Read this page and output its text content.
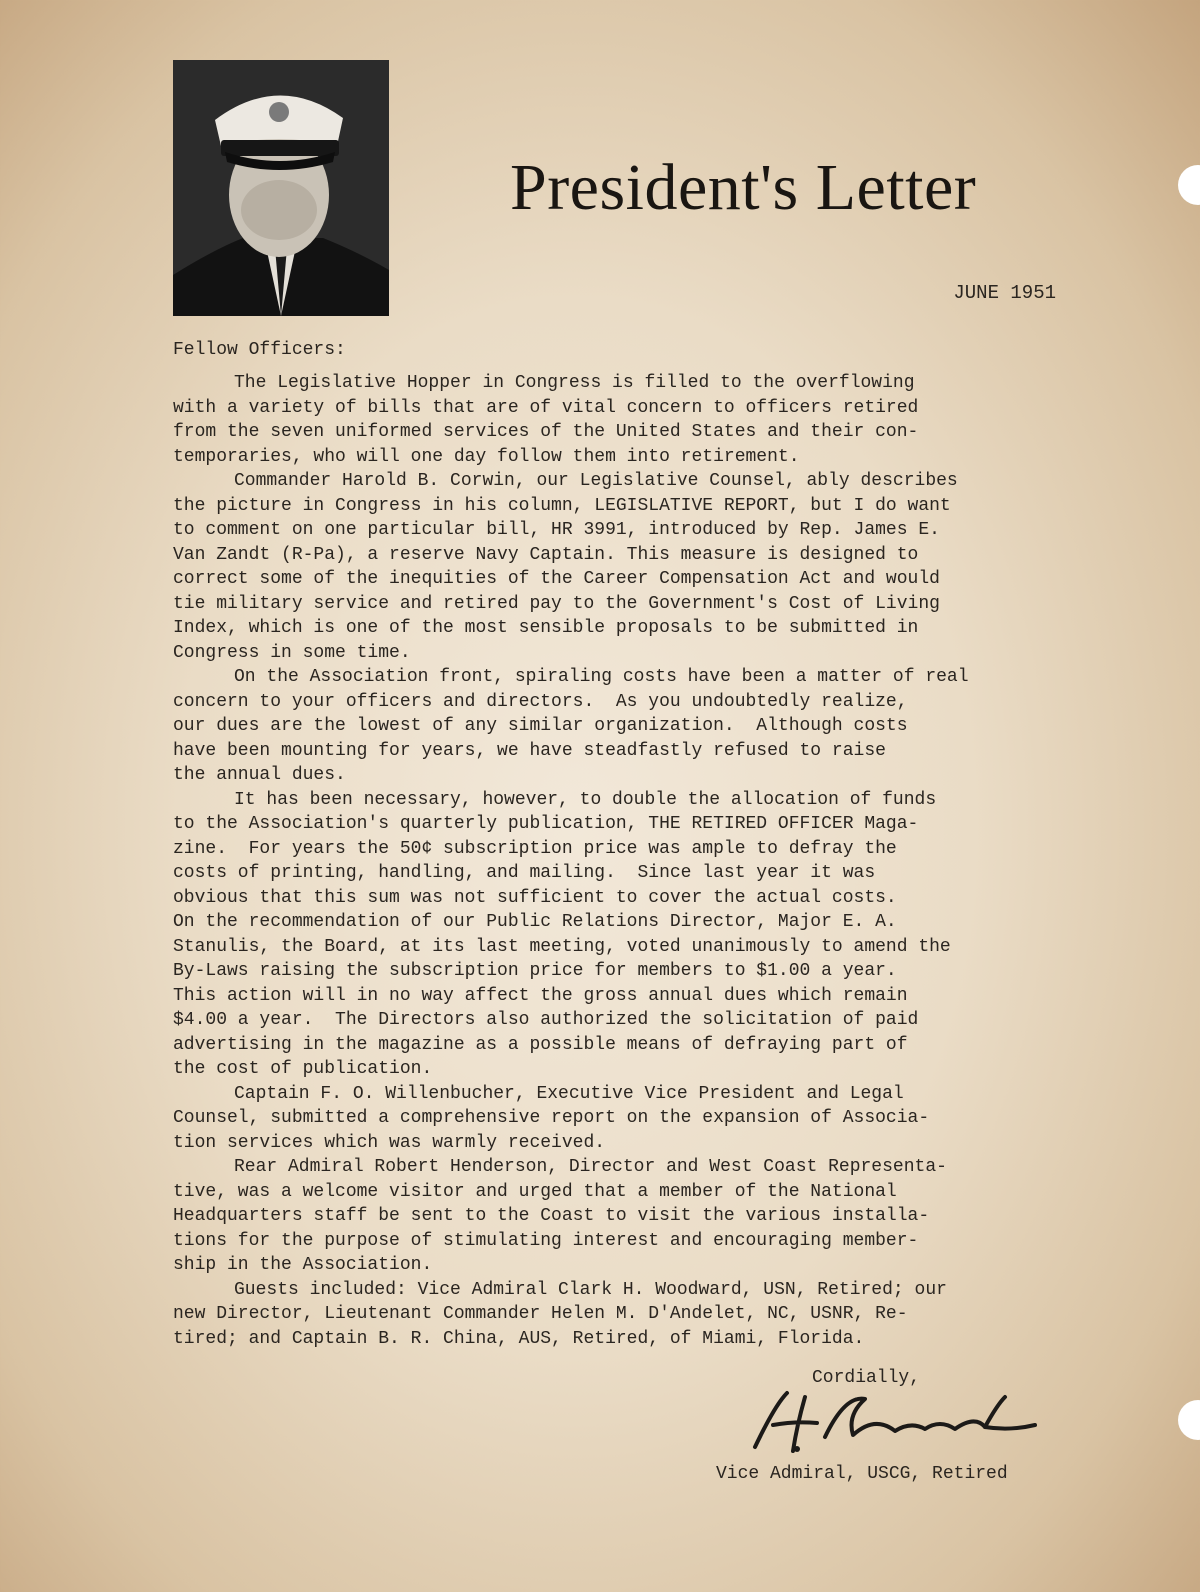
President's Letter
JUNE 1951
Fellow Officers:

The Legislative Hopper in Congress is filled to the overflowing
with a variety of bills that are of vital concern to officers retired
from the seven uniformed services of the United States and their con-
temporaries, who will one day follow them into retirement.

Commander Harold B. Corwin, our Legislative Counsel, ably describes
the picture in Congress in his column, LEGISLATIVE REPORT, but I do want
to comment on one particular bill, HR 3991, introduced by Rep. James E.
Van Zandt (R-Pa), a reserve Navy Captain. This measure is designed to
correct some of the inequities of the Career Compensation Act and would
tie military service and retired pay to the Government's Cost of Living
Index, which is one of the most sensible proposals to be submitted in
Congress in some time.

On the Association front, spiraling costs have been a matter of real
concern to your officers and directors.  As you undoubtedly realize,
our dues are the lowest of any similar organization.  Although costs
have been mounting for years, we have steadfastly refused to raise
the annual dues.

It has been necessary, however, to double the allocation of funds
to the Association's quarterly publication, THE RETIRED OFFICER Maga-
zine.  For years the 50¢ subscription price was ample to defray the
costs of printing, handling, and mailing.  Since last year it was
obvious that this sum was not sufficient to cover the actual costs.
On the recommendation of our Public Relations Director, Major E. A.
Stanulis, the Board, at its last meeting, voted unanimously to amend the
By-Laws raising the subscription price for members to $1.00 a year.
This action will in no way affect the gross annual dues which remain
$4.00 a year.  The Directors also authorized the solicitation of paid
advertising in the magazine as a possible means of defraying part of
the cost of publication.

Captain F. O. Willenbucher, Executive Vice President and Legal
Counsel, submitted a comprehensive report on the expansion of Associa-
tion services which was warmly received.

Rear Admiral Robert Henderson, Director and West Coast Representa-
tive, was a welcome visitor and urged that a member of the National
Headquarters staff be sent to the Coast to visit the various installa-
tions for the purpose of stimulating interest and encouraging member-
ship in the Association.

Guests included: Vice Admiral Clark H. Woodward, USN, Retired; our
new Director, Lieutenant Commander Helen M. D'Andelet, NC, USNR, Re-
tired; and Captain B. R. China, AUS, Retired, of Miami, Florida.

Cordially,
Vice Admiral, USCG, Retired
